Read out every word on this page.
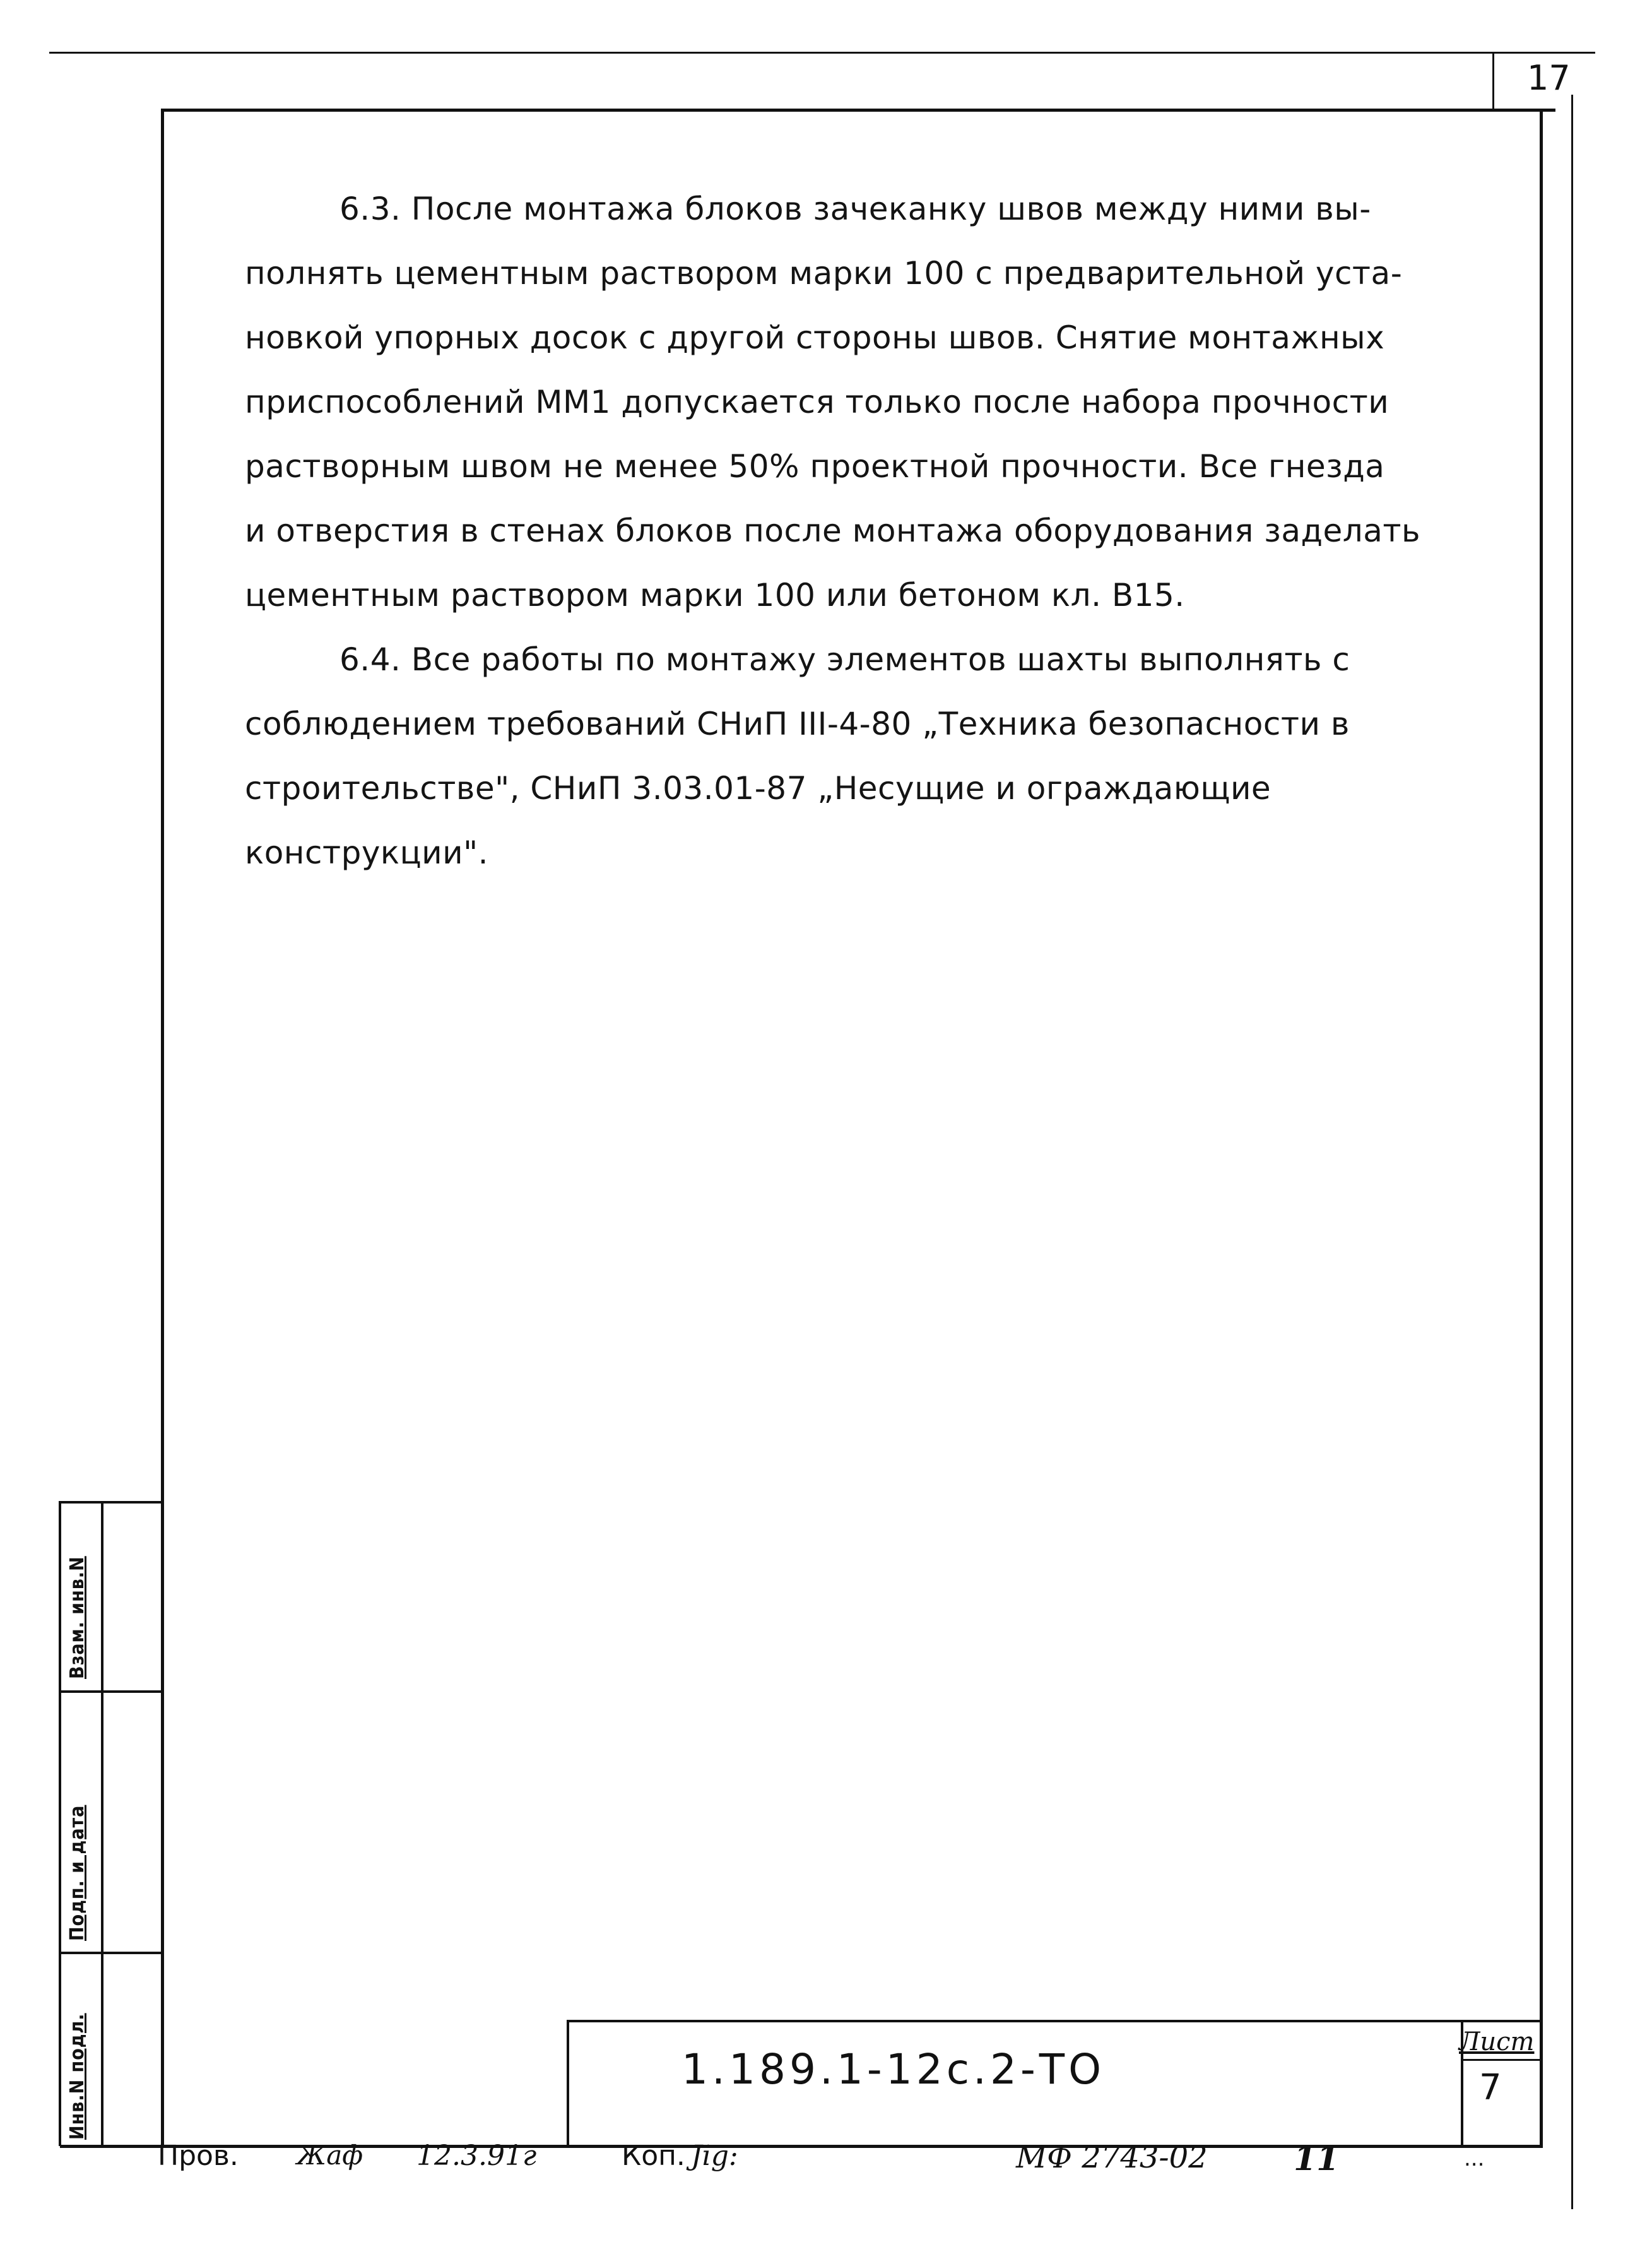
17

6.3. После монтажа блоков зачеканку швов между ними вы-
полнять цементным раствором марки 100 с предварительной уста-
новкой упорных досок с другой стороны швов. Снятие монтажных
приспособлений ММ1 допускается только после набора прочности
растворным швом не менее 50% проектной прочности. Все гнезда
и отверстия в стенах блоков после монтажа оборудования заделать
цементным раствором марки 100 или бетоном кл. В15.

6.4. Все работы по монтажу элементов шахты выполнять с
соблюдением требований СНиП III-4-80 „Техника безопасности в
строительстве", СНиП 3.03.01-87 „Несущие и ограждающие
конструкции".

Взам. инв.N
Подп. и дата
Инв.N подл.	1.189.1-12с.2-ТО
Лист
7
Пров. Жаф 12.3.91г	Коп. Jig:	МФ 2743-02	11	...
